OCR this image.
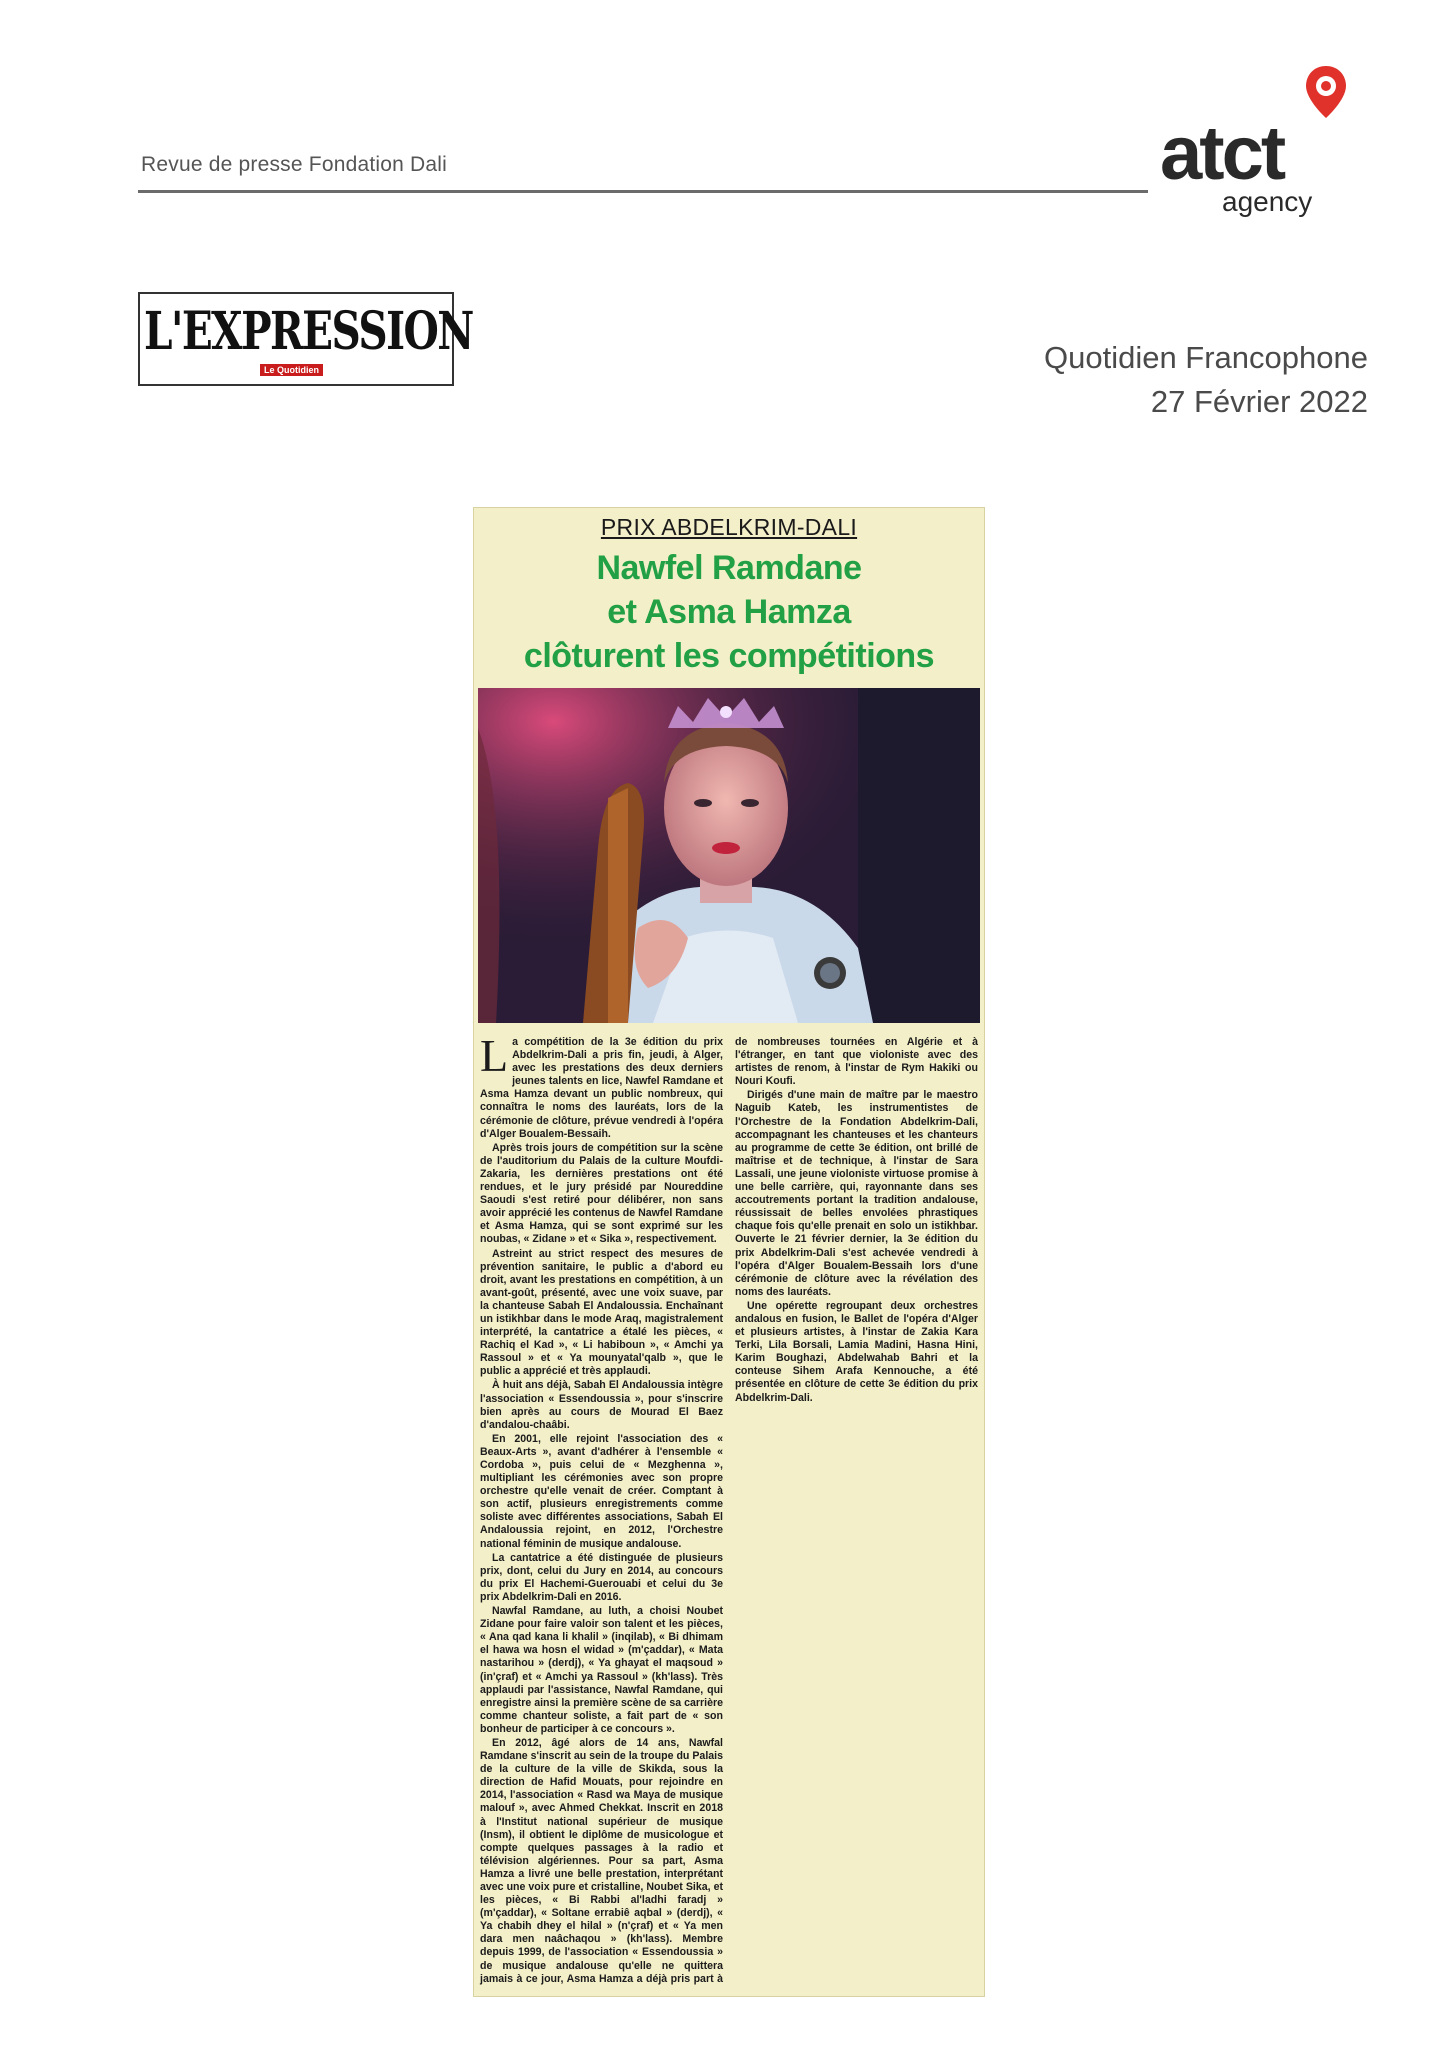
Revue de presse Fondation Dali	atct
agency
L'EXPRESSION
Le Quotidien	Quotidien Francophone
27 Février 2022
PRIX ABDELKRIM-DALI
Nawfel Ramdane
et Asma Hamza
clôturent les compétitions

La compétition de la 3e édition du prix Abdelkrim-Dali a pris fin, jeudi, à Alger, avec les prestations des deux derniers jeunes talents en lice, Nawfel Ramdane et Asma Hamza devant un public nombreux, qui connaîtra le noms des lauréats, lors de la cérémonie de clôture, prévue vendredi à l'opéra d'Alger Boualem-Bessaih.

Après trois jours de compétition sur la scène de l'auditorium du Palais de la culture Moufdi-Zakaria, les dernières prestations ont été rendues, et le jury présidé par Noureddine Saoudi s'est retiré pour délibérer, non sans avoir apprécié les contenus de Nawfel Ramdane et Asma Hamza, qui se sont exprimé sur les noubas, « Zidane » et « Sika », respectivement.

Astreint au strict respect des mesures de prévention sanitaire, le public a d'abord eu droit, avant les prestations en compétition, à un avant-goût, présenté, avec une voix suave, par la chanteuse Sabah El Andaloussia. Enchaînant un istikhbar dans le mode Araq, magistralement interprété, la cantatrice a étalé les pièces, « Rachiq el Kad », « Li habiboun », « Amchi ya Rassoul » et « Ya mounyatal'qalb », que le public a apprécié et très applaudi.

À huit ans déjà, Sabah El Andaloussia intègre l'association « Essendoussia », pour s'inscrire bien après au cours de Mourad El Baez d'andalou-chaâbi.

En 2001, elle rejoint l'association des « Beaux-Arts », avant d'adhérer à l'ensemble « Cordoba », puis celui de « Mezghenna », multipliant les cérémonies avec son propre orchestre qu'elle venait de créer. Comptant à son actif, plusieurs enregistrements comme soliste avec différentes associations, Sabah El Andaloussia rejoint, en 2012, l'Orchestre national féminin de musique andalouse.

La cantatrice a été distinguée de plusieurs prix, dont, celui du Jury en 2014, au concours du prix El Hachemi-Guerouabi et celui du 3e prix Abdelkrim-Dali en 2016.

Nawfal Ramdane, au luth, a choisi Noubet Zidane pour faire valoir son talent et les pièces, « Ana qad kana li khalil » (inqilab), « Bi dhimam el hawa wa hosn el widad » (m'çaddar), « Mata nastarihou » (derdj), « Ya ghayat el maqsoud » (in'çraf) et « Amchi ya Rassoul » (kh'lass). Très applaudi par l'assistance, Nawfal Ramdane, qui enregistre ainsi la première scène de sa carrière comme chanteur soliste, a fait part de « son bonheur de participer à ce concours ».

En 2012, âgé alors de 14 ans, Nawfal Ramdane s'inscrit au sein de la troupe du Palais de la culture de la ville de Skikda, sous la direction de Hafid Mouats, pour rejoindre en 2014, l'association « Rasd wa Maya de musique malouf », avec Ahmed Chekkat. Inscrit en 2018 à l'Institut national supérieur de musique (Insm), il obtient le diplôme de musicologue et compte quelques passages à la radio et télévision algériennes. Pour sa part, Asma Hamza a livré une belle prestation, interprétant avec une voix pure et cristalline, Noubet Sika, et les pièces, « Bi Rabbi al'ladhi faradj » (m'çaddar), « Soltane errabiê aqbal » (derdj), « Ya chabih dhey el hilal » (n'çraf) et « Ya men dara men naâchaqou » (kh'lass). Membre depuis 1999, de l'association « Essendoussia » de musique andalouse qu'elle ne quittera jamais à ce jour, Asma Hamza a déjà pris part à de nombreuses tournées en Algérie et à l'étranger, en tant que violoniste avec des artistes de renom, à l'instar de Rym Hakiki ou Nouri Koufi.

Dirigés d'une main de maître par le maestro Naguib Kateb, les instrumentistes de l'Orchestre de la Fondation Abdelkrim-Dali, accompagnant les chanteuses et les chanteurs au programme de cette 3e édition, ont brillé de maîtrise et de technique, à l'instar de Sara Lassali, une jeune violoniste virtuose promise à une belle carrière, qui, rayonnante dans ses accoutrements portant la tradition andalouse, réussissait de belles envolées phrastiques chaque fois qu'elle prenait en solo un istikhbar. Ouverte le 21 février dernier, la 3e édition du prix Abdelkrim-Dali s'est achevée vendredi à l'opéra d'Alger Boualem-Bessaih lors d'une cérémonie de clôture avec la révélation des noms des lauréats.

Une opérette regroupant deux orchestres andalous en fusion, le Ballet de l'opéra d'Alger et plusieurs artistes, à l'instar de Zakia Kara Terki, Lila Borsali, Lamia Madini, Hasna Hini, Karim Boughazi, Abdelwahab Bahri et la conteuse Sihem Arafa Kennouche, a été présentée en clôture de cette 3e édition du prix Abdelkrim-Dali.
